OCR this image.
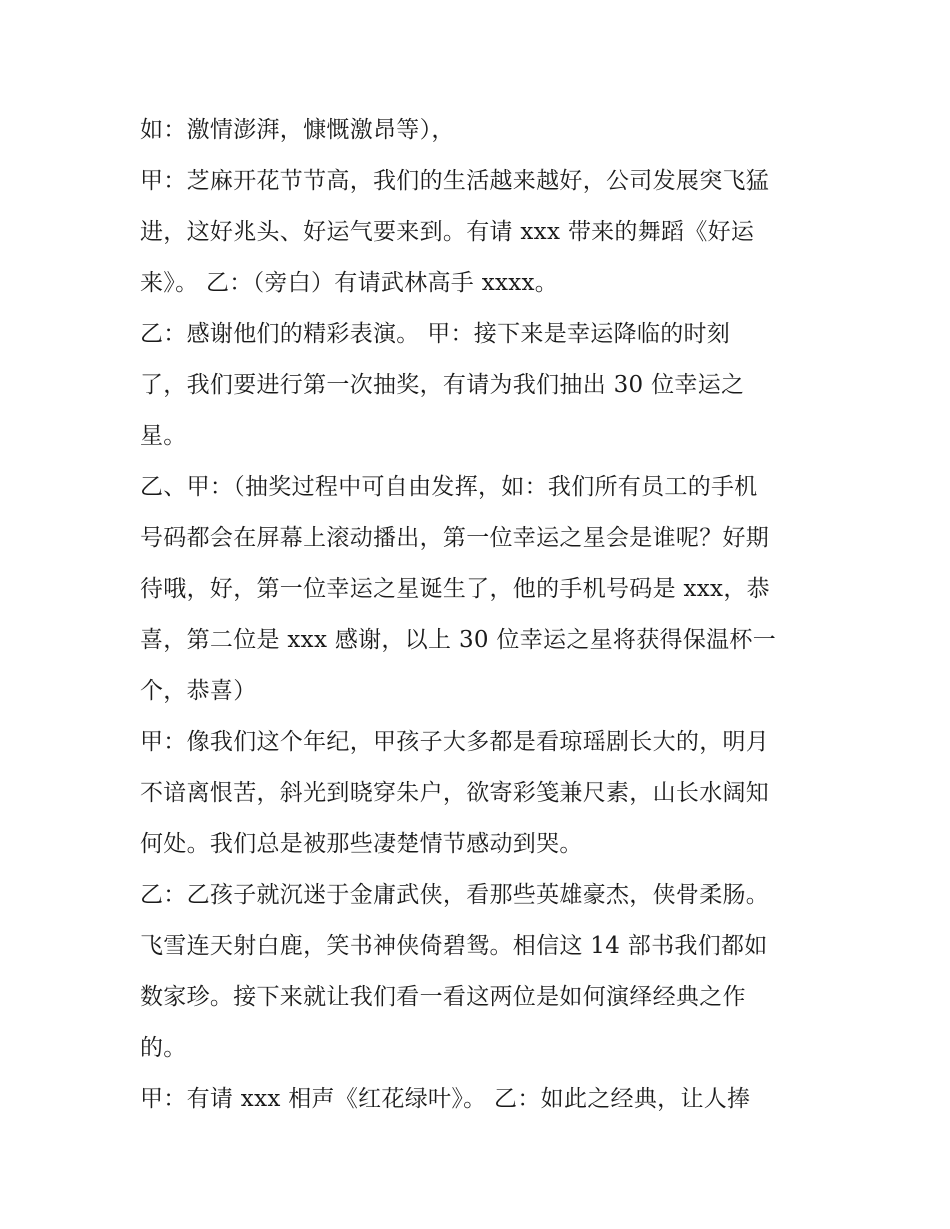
如：激情澎湃，慷慨激昂等），

甲：芝麻开花节节高，我们的生活越来越好，公司发展突飞猛

进，这好兆头、好运气要来到。有请 xxx 带来的舞蹈《好运

来》。 乙：（旁白）有请武林高手 xxxx。

乙：感谢他们的精彩表演。 甲：接下来是幸运降临的时刻

了，我们要进行第一次抽奖，有请为我们抽出 30 位幸运之

星。

乙、甲：（抽奖过程中可自由发挥，如：我们所有员工的手机

号码都会在屏幕上滚动播出，第一位幸运之星会是谁呢？好期

待哦，好，第一位幸运之星诞生了，他的手机号码是 xxx，恭

喜，第二位是 xxx 感谢，以上 30 位幸运之星将获得保温杯一

个，恭喜）

甲：像我们这个年纪，甲孩子大多都是看琼瑶剧长大的，明月

不谙离恨苦，斜光到晓穿朱户，欲寄彩笺兼尺素，山长水阔知

何处。我们总是被那些凄楚情节感动到哭。

乙：乙孩子就沉迷于金庸武侠，看那些英雄豪杰，侠骨柔肠。

飞雪连天射白鹿，笑书神侠倚碧鸳。相信这 14 部书我们都如

数家珍。接下来就让我们看一看这两位是如何演绎经典之作

的。

甲：有请 xxx 相声《红花绿叶》。 乙：如此之经典，让人捧
